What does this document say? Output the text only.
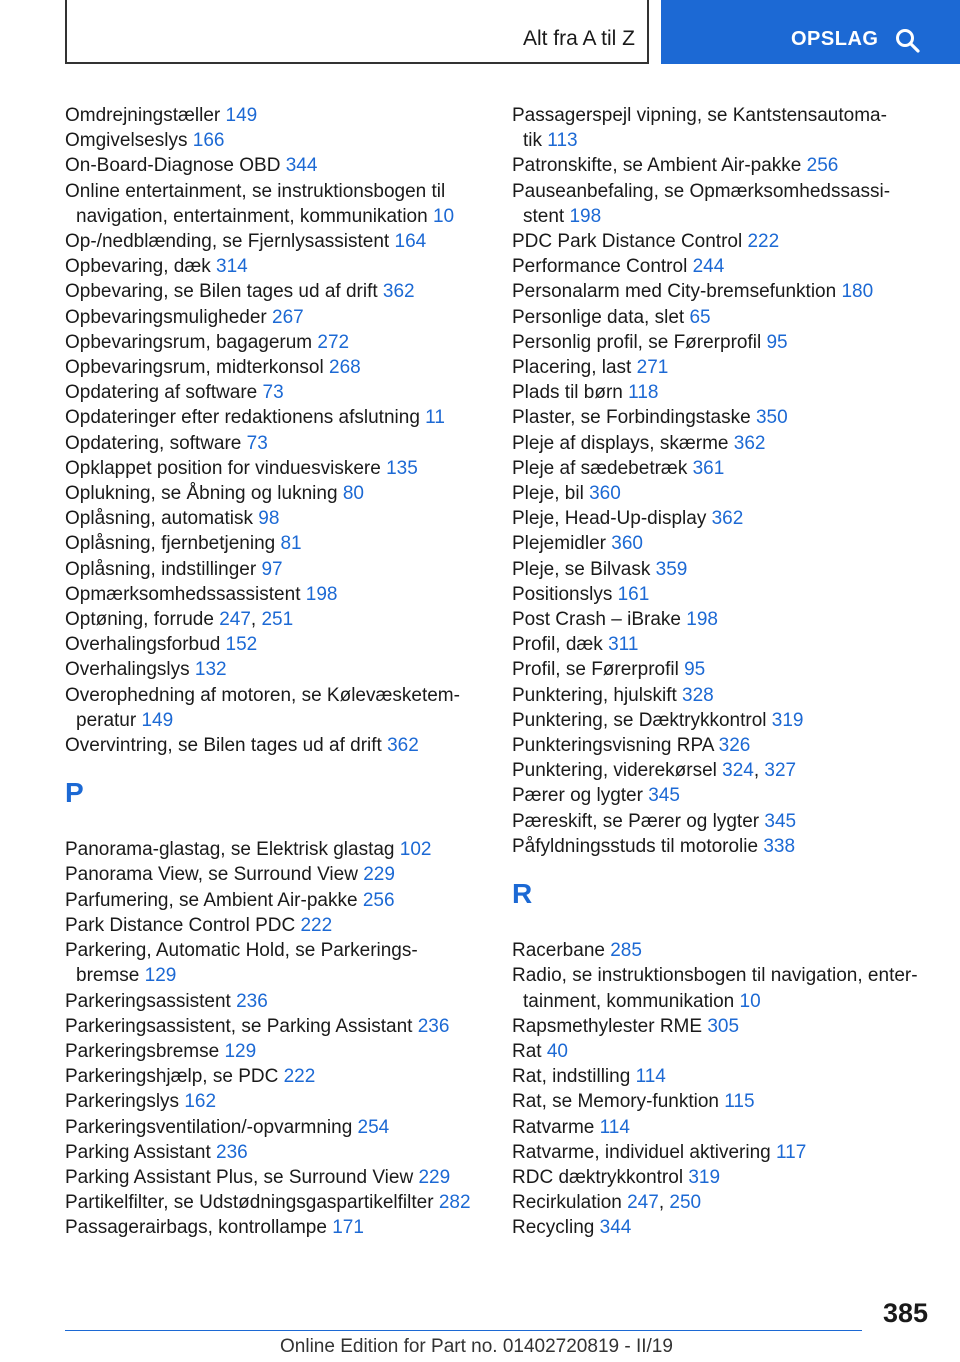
Alt fra A til Z	OPSLAG
Omdrejningstæller 149
Omgivelseslys 166
On-Board-Diagnose OBD 344
Online entertainment, se instruktionsbogen til
navigation, entertainment, kommunikation 10
Op-/nedblænding, se Fjernlysassistent 164
Opbevaring, dæk 314
Opbevaring, se Bilen tages ud af drift 362
Opbevaringsmuligheder 267
Opbevaringsrum, bagagerum 272
Opbevaringsrum, midterkonsol 268
Opdatering af software 73
Opdateringer efter redaktionens afslutning 11
Opdatering, software 73
Opklappet position for vinduesviskere 135
Oplukning, se Åbning og lukning 80
Oplåsning, automatisk 98
Oplåsning, fjernbetjening 81
Oplåsning, indstillinger 97
Opmærksomhedssassistent 198
Optøning, forrude 247, 251
Overhalingsforbud 152
Overhalingslys 132
Overophedning af motoren, se Kølevæsketem-
peratur 149
Overvintring, se Bilen tages ud af drift 362
P
Panorama-glastag, se Elektrisk glastag 102
Panorama View, se Surround View 229
Parfumering, se Ambient Air-pakke 256
Park Distance Control PDC 222
Parkering, Automatic Hold, se Parkerings-
bremse 129
Parkeringsassistent 236
Parkeringsassistent, se Parking Assistant 236
Parkeringsbremse 129
Parkeringshjælp, se PDC 222
Parkeringslys 162
Parkeringsventilation/-opvarmning 254
Parking Assistant 236
Parking Assistant Plus, se Surround View 229
Partikelfilter, se Udstødningsgaspartikelfilter 282
Passagerairbags, kontrollampe 171
Passagerspejl vipning, se Kantstensautoma-
tik 113
Patronskifte, se Ambient Air-pakke 256
Pauseanbefaling, se Opmærksomhedssassi-
stent 198
PDC Park Distance Control 222
Performance Control 244
Personalarm med City-bremsefunktion 180
Personlige data, slet 65
Personlig profil, se Førerprofil 95
Placering, last 271
Plads til børn 118
Plaster, se Forbindingstaske 350
Pleje af displays, skærme 362
Pleje af sædebetræk 361
Pleje, bil 360
Pleje, Head-Up-display 362
Plejemidler 360
Pleje, se Bilvask 359
Positionslys 161
Post Crash – iBrake 198
Profil, dæk 311
Profil, se Førerprofil 95
Punktering, hjulskift 328
Punktering, se Dæktrykkontrol 319
Punkteringsvisning RPA 326
Punktering, viderekørsel 324, 327
Pærer og lygter 345
Pæreskift, se Pærer og lygter 345
Påfyldningsstuds til motorolie 338
R
Racerbane 285
Radio, se instruktionsbogen til navigation, enter-
tainment, kommunikation 10
Rapsmethylester RME 305
Rat 40
Rat, indstilling 114
Rat, se Memory-funktion 115
Ratvarme 114
Ratvarme, individuel aktivering 117
RDC dæktrykkontrol 319
Recirkulation 247, 250
Recycling 344
385
Online Edition for Part no. 01402720819 - II/19
